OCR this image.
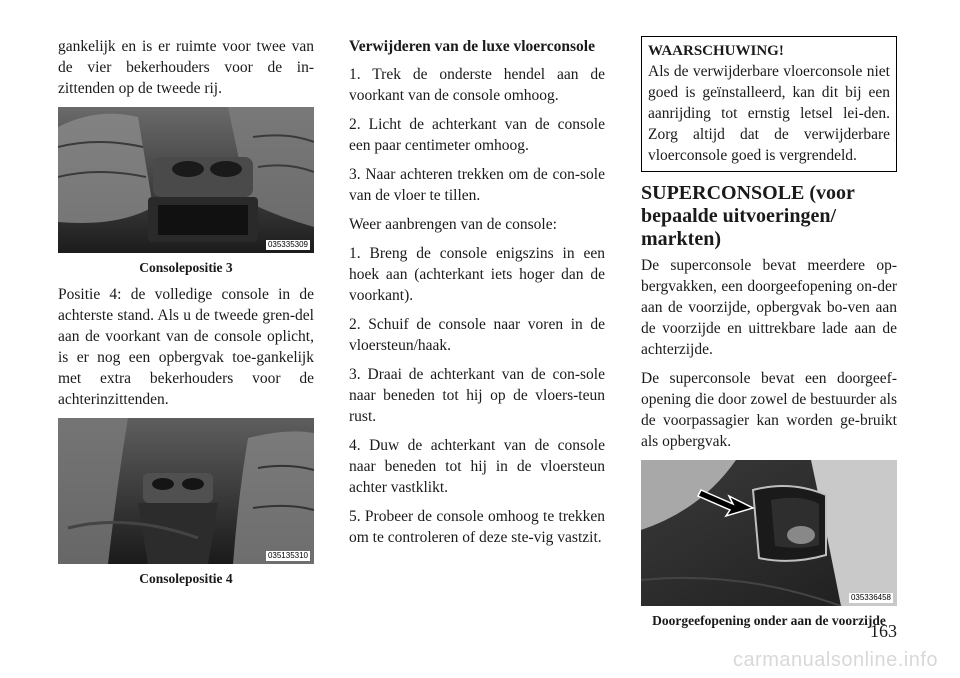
gankelijk en is er ruimte voor twee van de vier bekerhouders voor de in-zittenden op de tweede rij.

035335309
Consolepositie 3

Positie 4: de volledige console in de achterste stand. Als u de tweede gren-del aan de voorkant van de console oplicht, is er nog een opbergvak toe-gankelijk met extra bekerhouders voor de achterinzittenden.

035135310
Consolepositie 4
Verwijderen van de luxe vloerconsole

1. Trek de onderste hendel aan de voorkant van de console omhoog.

2. Licht de achterkant van de console een paar centimeter omhoog.

3. Naar achteren trekken om de con-sole van de vloer te tillen.

Weer aanbrengen van de console:

1. Breng de console enigszins in een hoek aan (achterkant iets hoger dan de voorkant).

2. Schuif de console naar voren in de vloersteun/haak.

3. Draai de achterkant van de con-sole naar beneden tot hij op de vloers-teun rust.

4. Duw de achterkant van de console naar beneden tot hij in de vloersteun achter vastklikt.

5. Probeer de console omhoog te trekken om te controleren of deze ste-vig vastzit.

WAARSCHUWING!
Als de verwijderbare vloerconsole niet goed is geïnstalleerd, kan dit bij een aanrijding tot ernstig letsel lei-den. Zorg altijd dat de verwijderbare vloerconsole goed is vergrendeld.
SUPERCONSOLE (voor bepaalde uitvoeringen/ markten)

De superconsole bevat meerdere op-bergvakken, een doorgeefopening on-der aan de voorzijde, opbergvak bo-ven aan de voorzijde en uittrekbare lade aan de achterzijde.

De superconsole bevat een doorgeef-opening die door zowel de bestuurder als de voorpassagier kan worden ge-bruikt als opbergvak.

035336458
Doorgeefopening onder aan de voorzijde
163
carmanualsonline.info
